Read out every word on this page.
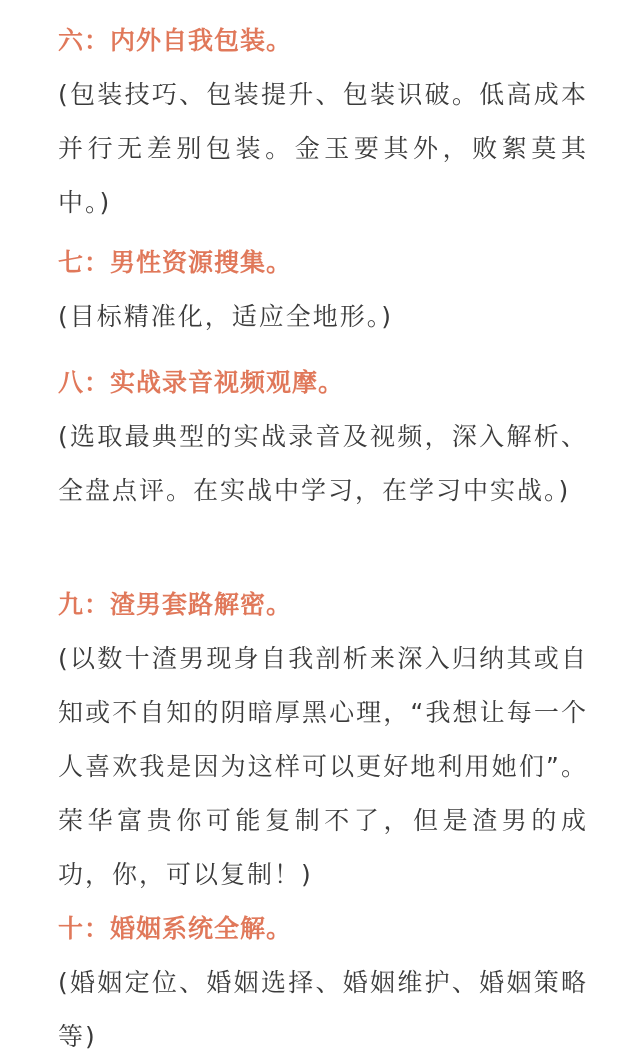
六：内外自我包装。

(包装技巧、包装提升、包装识破。低高成本并行无差别包装。金玉要其外，败絮莫其中。)

七：男性资源搜集。

(目标精准化，适应全地形。)

八：实战录音视频观摩。

(选取最典型的实战录音及视频，深入解析、全盘点评。在实战中学习，在学习中实战。)

九：渣男套路解密。

(以数十渣男现身自我剖析来深入归纳其或自知或不自知的阴暗厚黑心理，“我想让每一个人喜欢我是因为这样可以更好地利用她们”。荣华富贵你可能复制不了，但是渣男的成功，你，可以复制！)

十：婚姻系统全解。

(婚姻定位、婚姻选择、婚姻维护、婚姻策略等)
